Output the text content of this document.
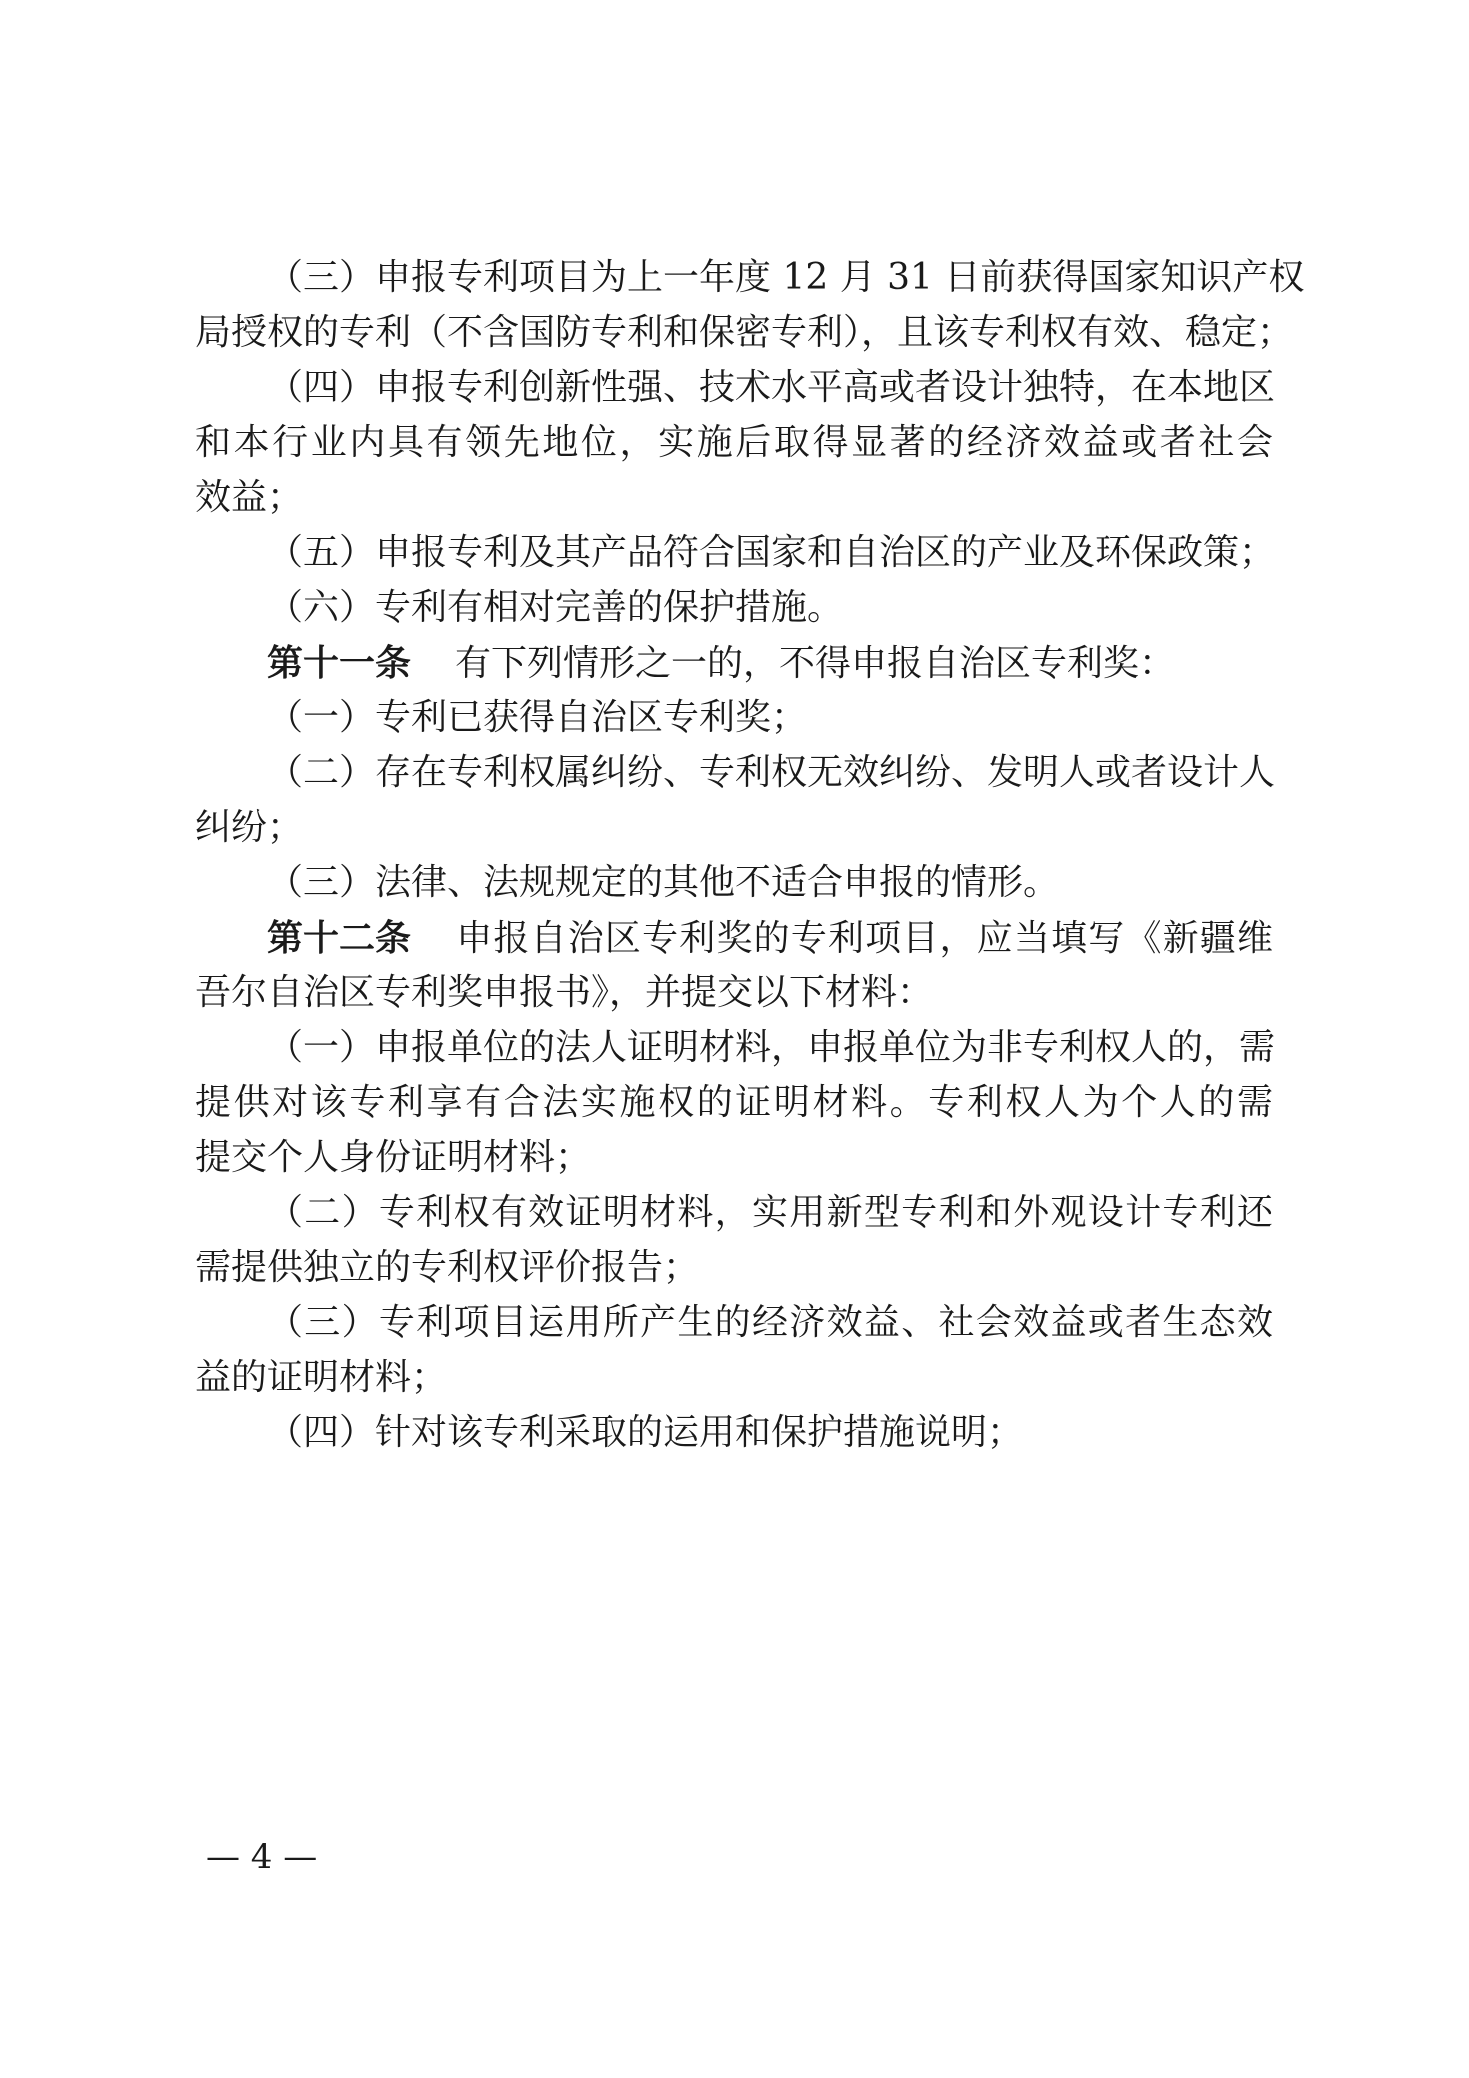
（三）申报专利项目为上一年度 12 月 31 日前获得国家知识产权
局授权的专利（不含国防专利和保密专利），且该专利权有效、稳定；
（四）申报专利创新性强、技术水平高或者设计独特，在本地区
和本行业内具有领先地位，实施后取得显著的经济效益或者社会
效益；
（五）申报专利及其产品符合国家和自治区的产业及环保政策；
（六）专利有相对完善的保护措施。
第十一条 有下列情形之一的，不得申报自治区专利奖：
（一）专利已获得自治区专利奖；
（二）存在专利权属纠纷、专利权无效纠纷、发明人或者设计人
纠纷；
（三）法律、法规规定的其他不适合申报的情形。
第十二条 申报自治区专利奖的专利项目，应当填写《新疆维
吾尔自治区专利奖申报书》，并提交以下材料：
（一）申报单位的法人证明材料，申报单位为非专利权人的，需
提供对该专利享有合法实施权的证明材料。专利权人为个人的需
提交个人身份证明材料；
（二）专利权有效证明材料，实用新型专利和外观设计专利还
需提供独立的专利权评价报告；
（三）专利项目运用所产生的经济效益、社会效益或者生态效
益的证明材料；
（四）针对该专利采取的运用和保护措施说明；
— 4 —
